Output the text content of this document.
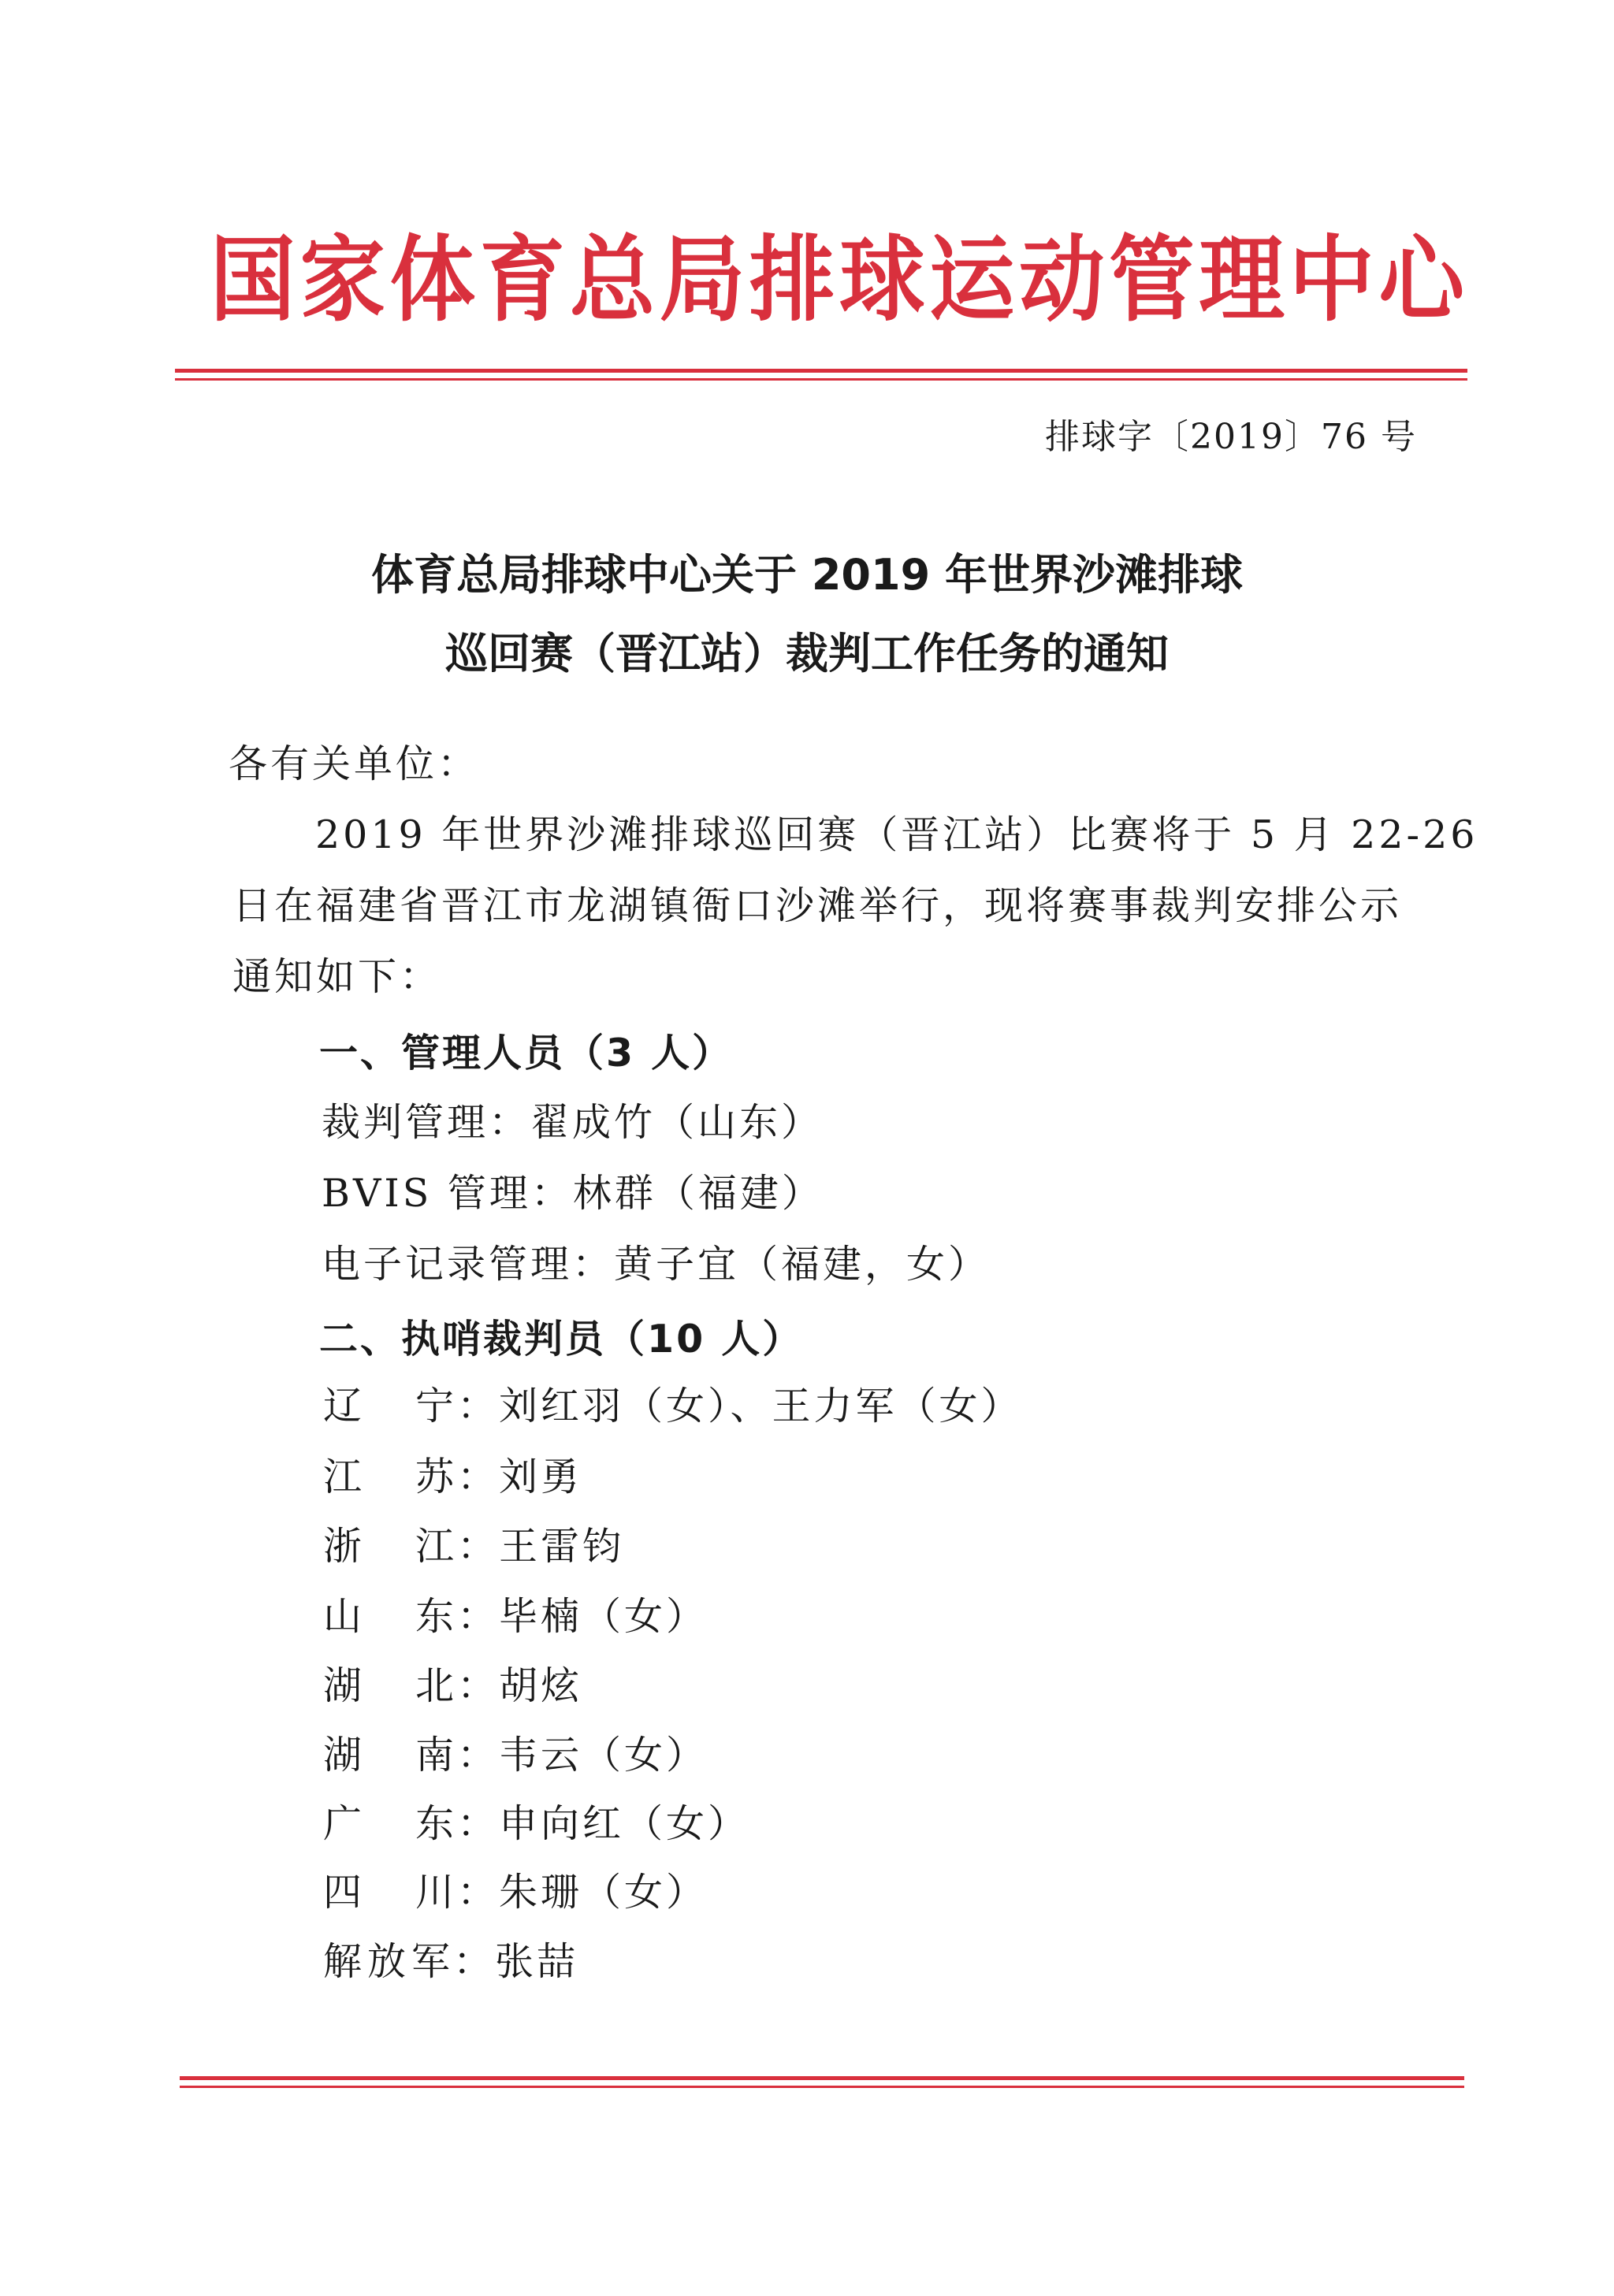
国家体育总局排球运动管理中心
排球字〔2019〕76 号
体育总局排球中心关于 2019 年世界沙滩排球
巡回赛（晋江站）裁判工作任务的通知
各有关单位：
2019 年世界沙滩排球巡回赛（晋江站）比赛将于 5 月 22-26
日在福建省晋江市龙湖镇衙口沙滩举行，现将赛事裁判安排公示
通知如下：
一、管理人员（3 人）
裁判管理：翟成竹（山东）
BVIS 管理：林群（福建）
电子记录管理：黄子宜（福建，女）
二、执哨裁判员（10 人）
辽宁：刘红羽（女）、王力军（女）
江苏：刘勇
浙江：王雷钧
山东：毕楠（女）
湖北：胡炫
湖南：韦云（女）
广东：申向红（女）
四川：朱珊（女）
解放军：张喆
